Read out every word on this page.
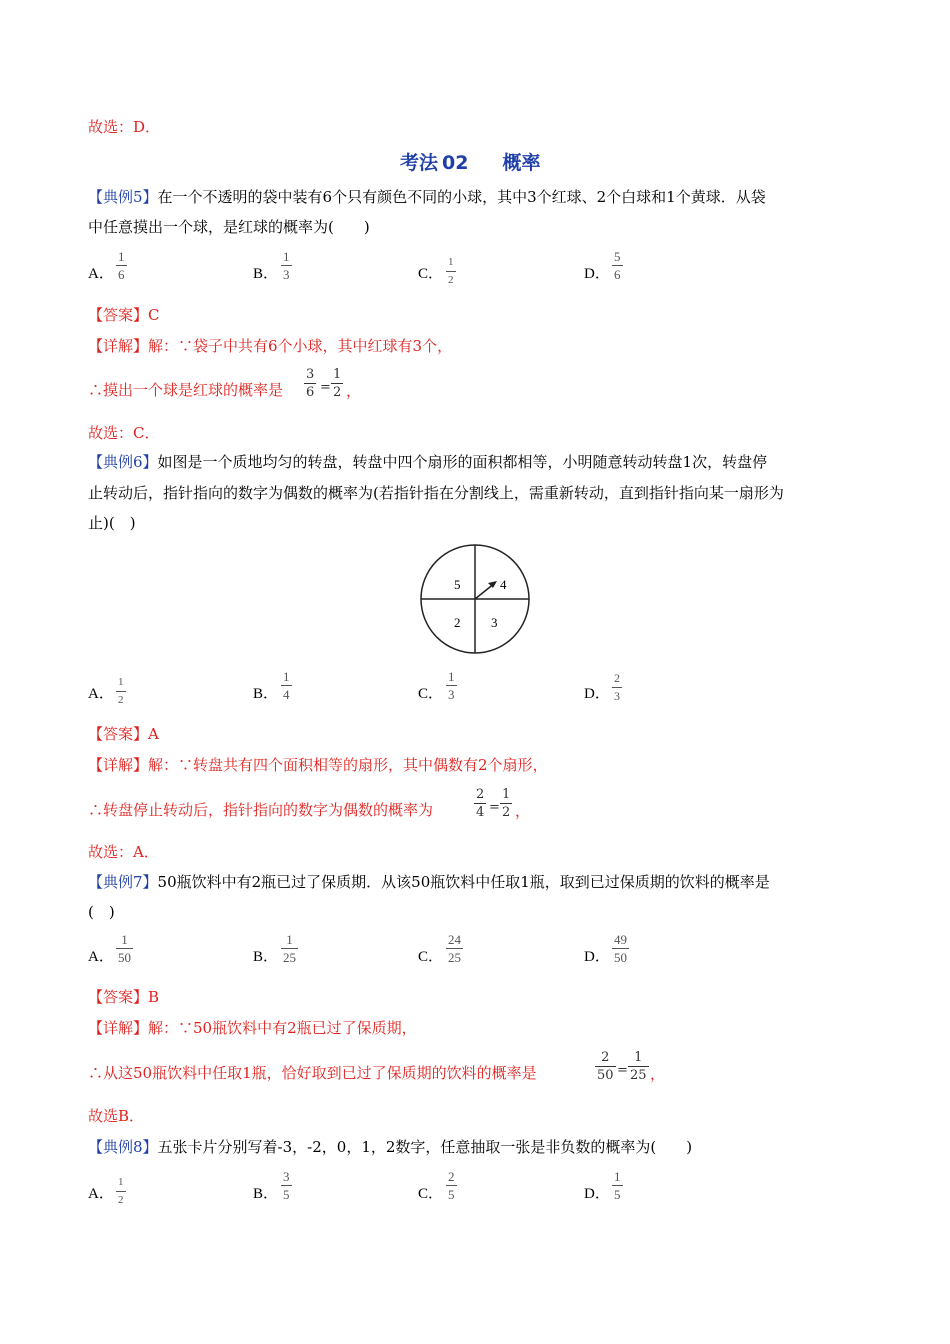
故选：D．
考法 02 概率
【典例5】在一个不透明的袋中装有6个只有颜色不同的小球，其中3个红球、2个白球和1个黄球．从袋
中任意摸出一个球，是红球的概率为(　　)
A． $\frac{1}{6}$	B． $\frac{1}{3}$	C． $\frac{1}{2}$	D． $\frac{5}{6}$
【答案】C
【详解】解：∵袋子中共有6个小球，其中红球有3个，
∴摸出一个球是红球的概率是 $\frac{3}{6} = \frac{1}{2}$ ，
故选：C．
【典例6】如图是一个质地均匀的转盘，转盘中四个扇形的面积都相等，小明随意转动转盘1次，转盘停
止转动后，指针指向的数字为偶数的概率为(若指针指在分割线上，需重新转动，直到指针指向某一扇形为
止)(　)
5	4
2 3
A． $\frac{1}{2}$	B． $\frac{1}{4}$	C． $\frac{1}{3}$	D． $\frac{2}{3}$
【答案】A
【详解】解：∵转盘共有四个面积相等的扇形，其中偶数有2个扇形，
∴转盘停止转动后，指针指向的数字为偶数的概率为	$\frac{2}{4} = \frac{1}{2}$ ，
故选：A．
【典例7】50瓶饮料中有2瓶已过了保质期．从该50瓶饮料中任取1瓶，取到已过保质期的饮料的概率是
(　)
A． $\frac{1}{50}$	B． $\frac{1}{25}$	C． $\frac{24}{25}$	D． $\frac{49}{50}$
【答案】B
【详解】解：∵50瓶饮料中有2瓶已过了保质期，
∴从这50瓶饮料中任取1瓶，恰好取到已过了保质期的饮料的概率是	$\frac{2}{50} = \frac{1}{25}$ ，
故选B．
【典例8】五张卡片分别写着-3，-2，0，1，2数字，任意抽取一张是非负数的概率为(　　)
A． $\frac{1}{2}$	B． $\frac{3}{5}$	C． $\frac{2}{5}$	D． $\frac{1}{5}$
